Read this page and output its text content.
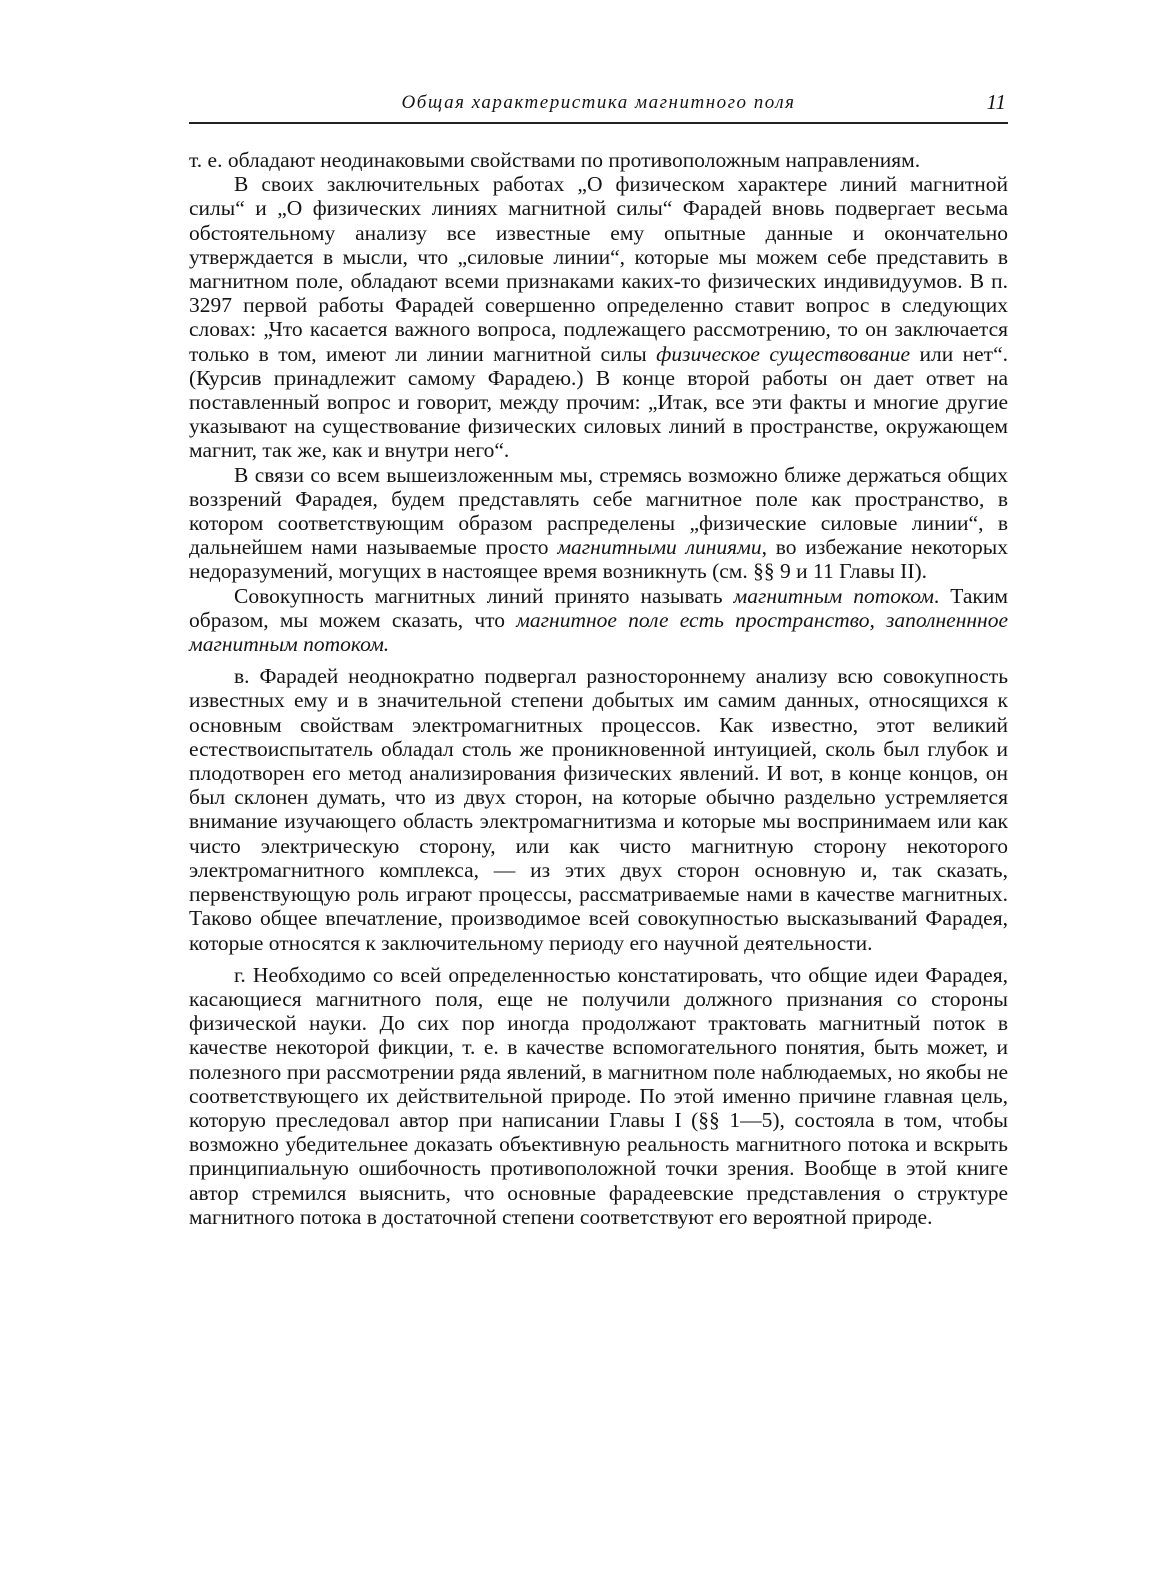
Общая характеристика магнитного поля	11

т. е. обладают неодинаковыми свойствами по противоположным направлениям.

В своих заключительных работах „О физическом характере линий магнитной силы“ и „О физических линиях магнитной силы“ Фарадей вновь подвергает весьма обстоятельному анализу все известные ему опытные данные и окончательно утверждается в мысли, что „силовые линии“, которые мы можем себе представить в магнитном поле, обладают всеми признаками каких-то физических индивидуумов. В п. 3297 первой работы Фарадей совершенно определенно ставит вопрос в следующих словах: „Что касается важного вопроса, подлежащего рассмотрению, то он заключается только в том, имеют ли линии магнитной силы физическое существование или нет“. (Курсив принадлежит самому Фарадею.) В конце второй работы он дает ответ на поставленный вопрос и говорит, между прочим: „Итак, все эти факты и многие другие указывают на существование физических силовых линий в пространстве, окружающем магнит, так же, как и внутри него“.

В связи со всем вышеизложенным мы, стремясь возможно ближе держаться общих воззрений Фарадея, будем представлять себе магнитное поле как пространство, в котором соответствующим образом распределены „физические силовые линии“, в дальнейшем нами называемые просто магнитными линиями, во избежание некоторых недоразумений, могущих в настоящее время возникнуть (см. §§ 9 и 11 Главы II).

Совокупность магнитных линий принято называть магнитным потоком. Таким образом, мы можем сказать, что магнитное поле есть пространство, заполненнное магнитным потоком.

в. Фарадей неоднократно подвергал разностороннему анализу всю совокупность известных ему и в значительной степени добытых им самим данных, относящихся к основным свойствам электромагнитных процессов. Как известно, этот великий естествоиспытатель обладал столь же проникновенной интуицией, сколь был глубок и плодотворен его метод анализирования физических явлений. И вот, в конце концов, он был склонен думать, что из двух сторон, на которые обычно раздельно устремляется внимание изучающего область электромагнитизма и которые мы воспринимаем или как чисто электрическую сторону, или как чисто магнитную сторону некоторого электромагнитного комплекса, — из этих двух сторон основную и, так сказать, первенствующую роль играют процессы, рассматриваемые нами в качестве магнитных. Таково общее впечатление, производимое всей совокупностью высказываний Фарадея, которые относятся к заключительному периоду его научной деятельности.

г. Необходимо со всей определенностью констатировать, что общие идеи Фарадея, касающиеся магнитного поля, еще не получили должного признания со стороны физической науки. До сих пор иногда продолжают трактовать магнитный поток в качестве некоторой фикции, т. е. в качестве вспомогательного понятия, быть может, и полезного при рассмотрении ряда явлений, в магнитном поле наблюдаемых, но якобы не соответствующего их действительной природе. По этой именно причине главная цель, которую преследовал автор при написании Главы I (§§ 1—5), состояла в том, чтобы возможно убедительнее доказать объективную реальность магнитного потока и вскрыть принципиальную ошибочность противоположной точки зрения. Вообще в этой книге автор стремился выяснить, что основные фарадеевские представления о структуре магнитного потока в достаточной степени соответствуют его вероятной природе.
